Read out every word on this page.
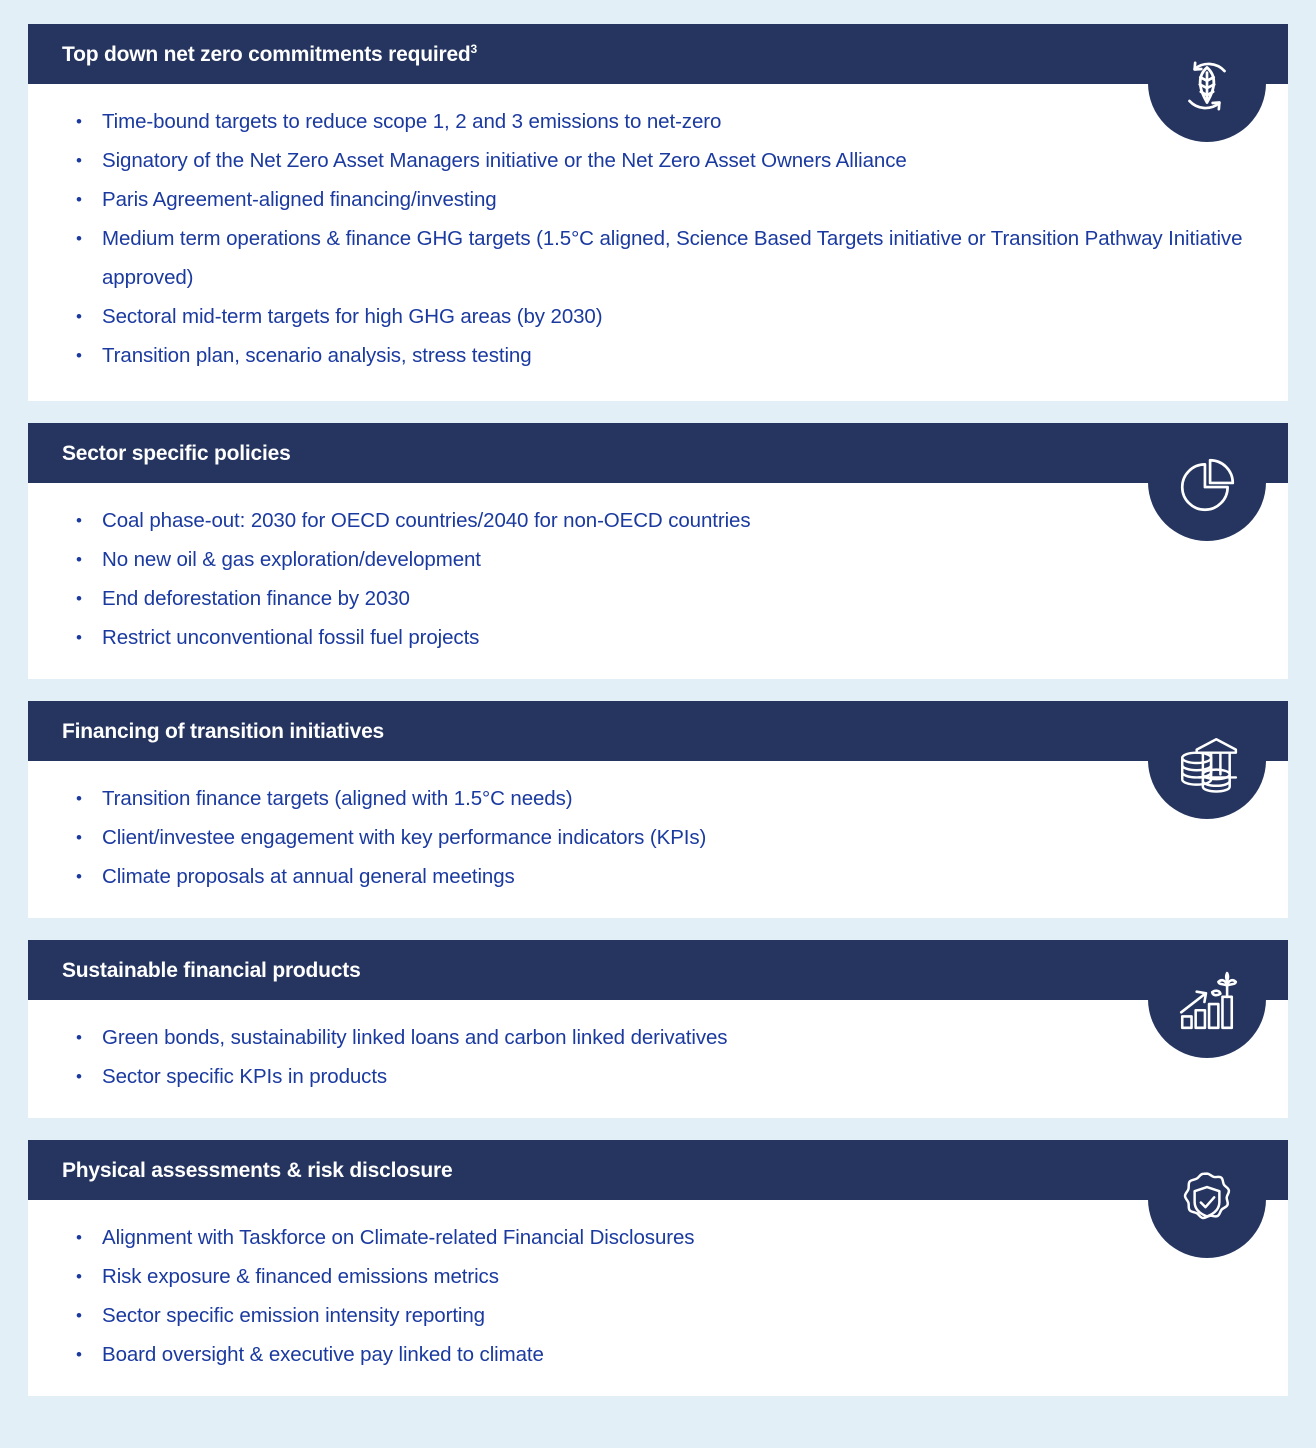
Top down net zero commitments required$^3$
• Time-bound targets to reduce scope 1, 2 and 3 emissions to net-zero
• Signatory of the Net Zero Asset Managers initiative or the Net Zero Asset Owners Alliance
• Paris Agreement-aligned financing/investing
• Medium term operations & finance GHG targets (1.5°C aligned, Science Based Targets initiative or Transition Pathway Initiative approved)
• Sectoral mid-term targets for high GHG areas (by 2030)
• Transition plan, scenario analysis, stress testing
Sector specific policies
• Coal phase-out: 2030 for OECD countries/2040 for non-OECD countries
• No new oil & gas exploration/development
• End deforestation finance by 2030
• Restrict unconventional fossil fuel projects
Financing of transition initiatives
• Transition finance targets (aligned with 1.5°C needs)
• Client/investee engagement with key performance indicators (KPIs)
• Climate proposals at annual general meetings
Sustainable financial products
• Green bonds, sustainability linked loans and carbon linked derivatives
• Sector specific KPIs in products
Physical assessments & risk disclosure
• Alignment with Taskforce on Climate-related Financial Disclosures
• Risk exposure & financed emissions metrics
• Sector specific emission intensity reporting
• Board oversight & executive pay linked to climate
